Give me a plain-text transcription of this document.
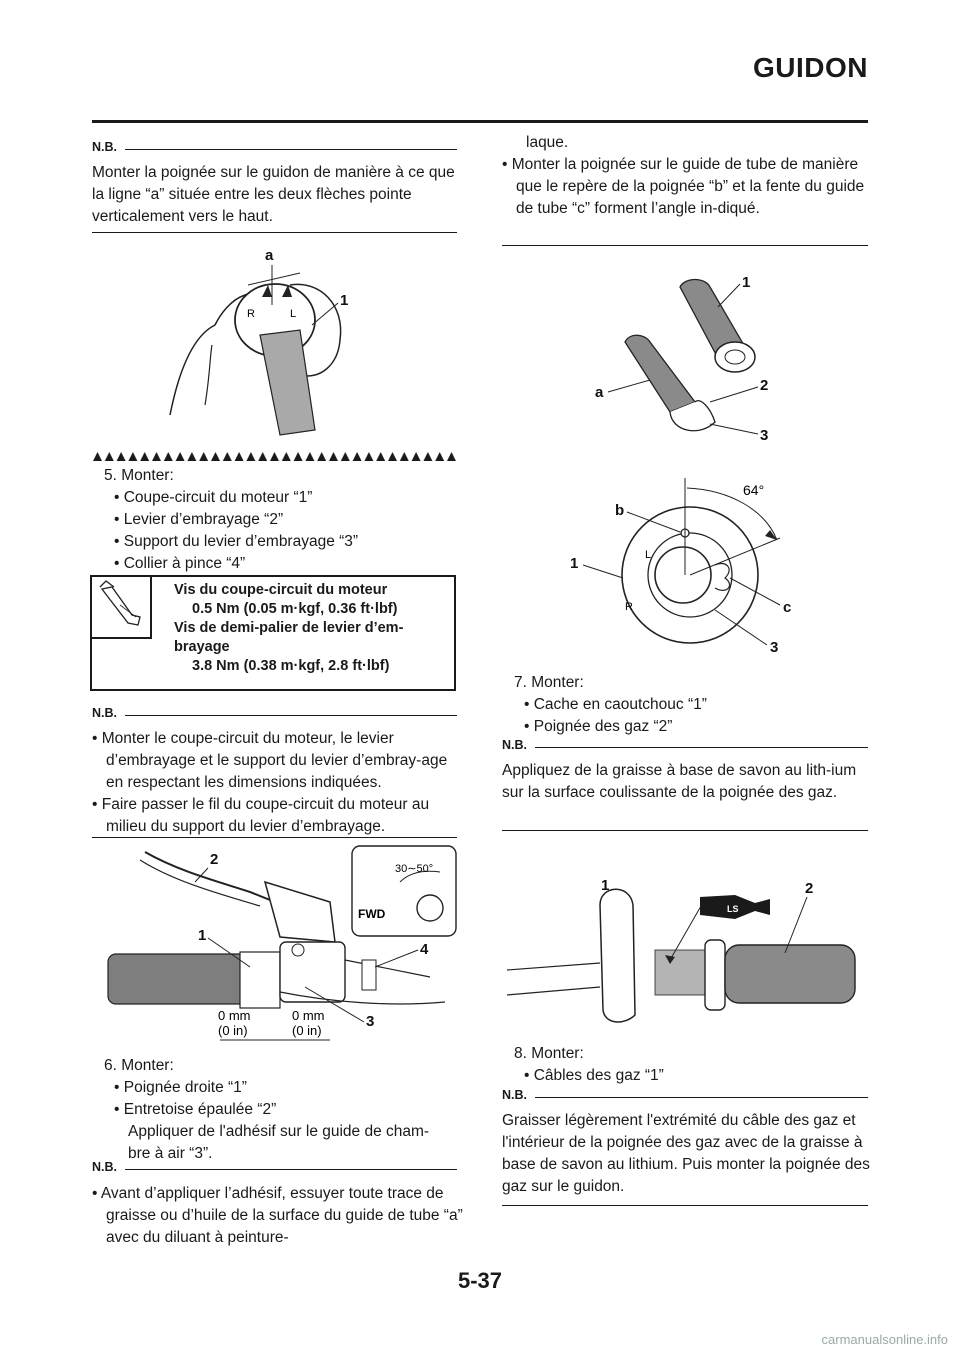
GUIDON
N.B.
Monter la poignée sur le guidon de manière à ce que la ligne “a” située entre les deux flèches pointe verticalement vers le haut.
a
1
R	L
5. Monter:
• Coupe-circuit du moteur “1”
• Levier d’embrayage “2”
• Support du levier d’embrayage “3”
• Collier à pince “4”
Vis du coupe-circuit du moteur
0.5 Nm (0.05 m·kgf, 0.36 ft·lbf)
Vis de demi-palier de levier d’em-
brayage
3.8 Nm (0.38 m·kgf, 2.8 ft·lbf)
N.B.
• Monter le coupe-circuit du moteur, le levier d’embrayage et le support du levier d’embray-age en respectant les dimensions indiquées.
• Faire passer le fil du coupe-circuit du moteur au milieu du support du levier d’embrayage.
2
1
4
3
0 mm
(0 in)
0 mm
(0 in)
FWD
30∼50°
6. Monter:
• Poignée droite “1”
• Entretoise épaulée “2”
Appliquer de l'adhésif sur le guide de cham-
bre à air “3”.
N.B.
• Avant d’appliquer l’adhésif, essuyer toute trace de graisse ou d’huile de la surface du guide de tube “a” avec du diluant à peinture-
laque.
• Monter la poignée sur le guide de tube de manière que le repère de la poignée “b” et la fente du guide de tube “c” forment l’angle in-diqué.
1
2
3
a
64°
b
1
c
3
R
L
7. Monter:
• Cache en caoutchouc “1”
• Poignée des gaz “2”
N.B.
Appliquez de la graisse à base de savon au lith-ium sur la surface coulissante de la poignée des gaz.
LS
1	2
8. Monter:
• Câbles des gaz “1”
N.B.
Graisser légèrement l'extrémité du câble des gaz et l'intérieur de la poignée des gaz avec de la graisse à base de savon au lithium. Puis monter la poignée des gaz sur le guidon.
5-37
carmanualsonline.info
